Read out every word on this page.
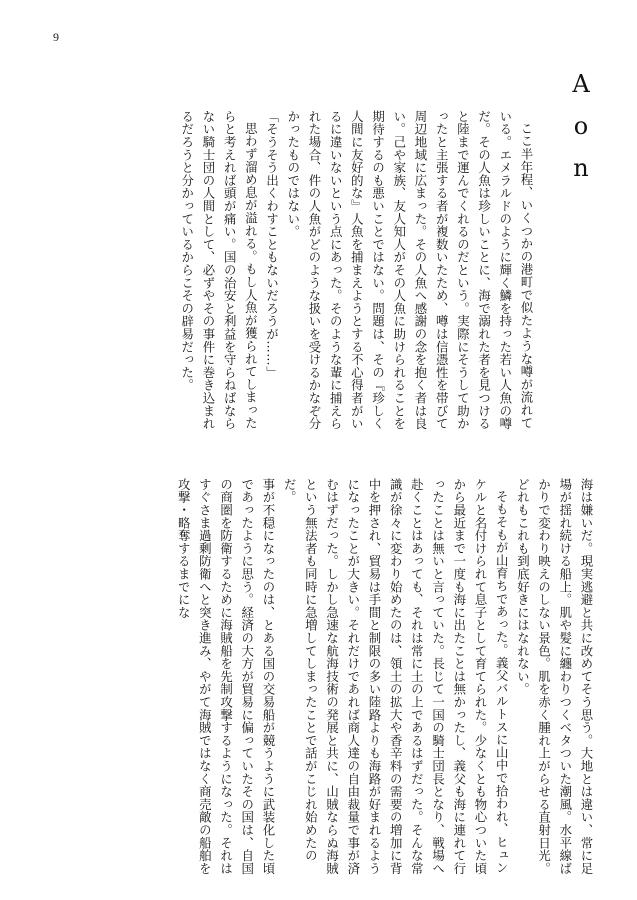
9
Aon

ここ半年程、いくつかの港町で似たような噂が流れている。エメラルドのように輝く鱗を持った若い人魚の噂だ。その人魚は珍しいことに、海で溺れた者を見つけると陸まで運んでくれるのだという。実際にそうして助かったと主張する者が複数いたため、噂は信憑性を帯びて周辺地域に広まった。その人魚へ感謝の念を抱く者は良い。己や家族、友人知人がその人魚に助けられることを期待するのも悪いことではない。問題は、その『珍しく人間に友好的な』人魚を捕まえようとする不心得者がいるに違いないという点にあった。そのような輩に捕えられた場合、件の人魚がどのような扱いを受けるかなぞ分かったものではない。

「そうそう出くわすこともないだろうが……」

思わず溜め息が溢れる。もし人魚が獲られてしまったらと考えれば頭が痛い。国の治安と利益を守らねばならない騎士団の人間として、必ずやその事件に巻き込まれるだろうと分かっているからこその辟易だった。

海は嫌いだ。現実逃避と共に改めてそう思う。大地とは違い、常に足場が揺れ続ける船上。肌や髪に纏わりつくベタついた潮風。水平線ばかりで変わり映えのしない景色。肌を赤く腫れ上がらせる直射日光。どれもこれも到底好きにはなれない。

そもそもが山育ちであった。義父バルトスに山中で拾われ、ヒュンケルと名付けられて息子として育てられた。少なくとも物心ついた頃から最近まで一度も海に出たことは無かったし、義父も海に連れて行ったことは無いと言っていた。長じて一国の騎士団長となり、戦場へ赴くことはあっても、それは常に土の上であるはずだった。そんな常識が徐々に変わり始めたのは、領土の拡大や香辛料の需要の増加に背中を押され、貿易は手間と制限の多い陸路よりも海路が好まれるようになったことが大きい。それだけであれば商人達の自由裁量で事が済むはずだった。しかし急速な航海技術の発展と共に、山賊ならぬ海賊という無法者も同時に急増してしまったことで話がこじれ始めたのだ。

事が不穏になったのは、とある国の交易船が競うように武装化した頃であったように思う。経済の大方が貿易に偏っていたその国は、自国の商圏を防衛するために海賊船を先制攻撃するようになった。それはすぐさま過剰防衛へと突き進み、やがて海賊ではなく商売敵の船舶を攻撃・略奪するまでにな
